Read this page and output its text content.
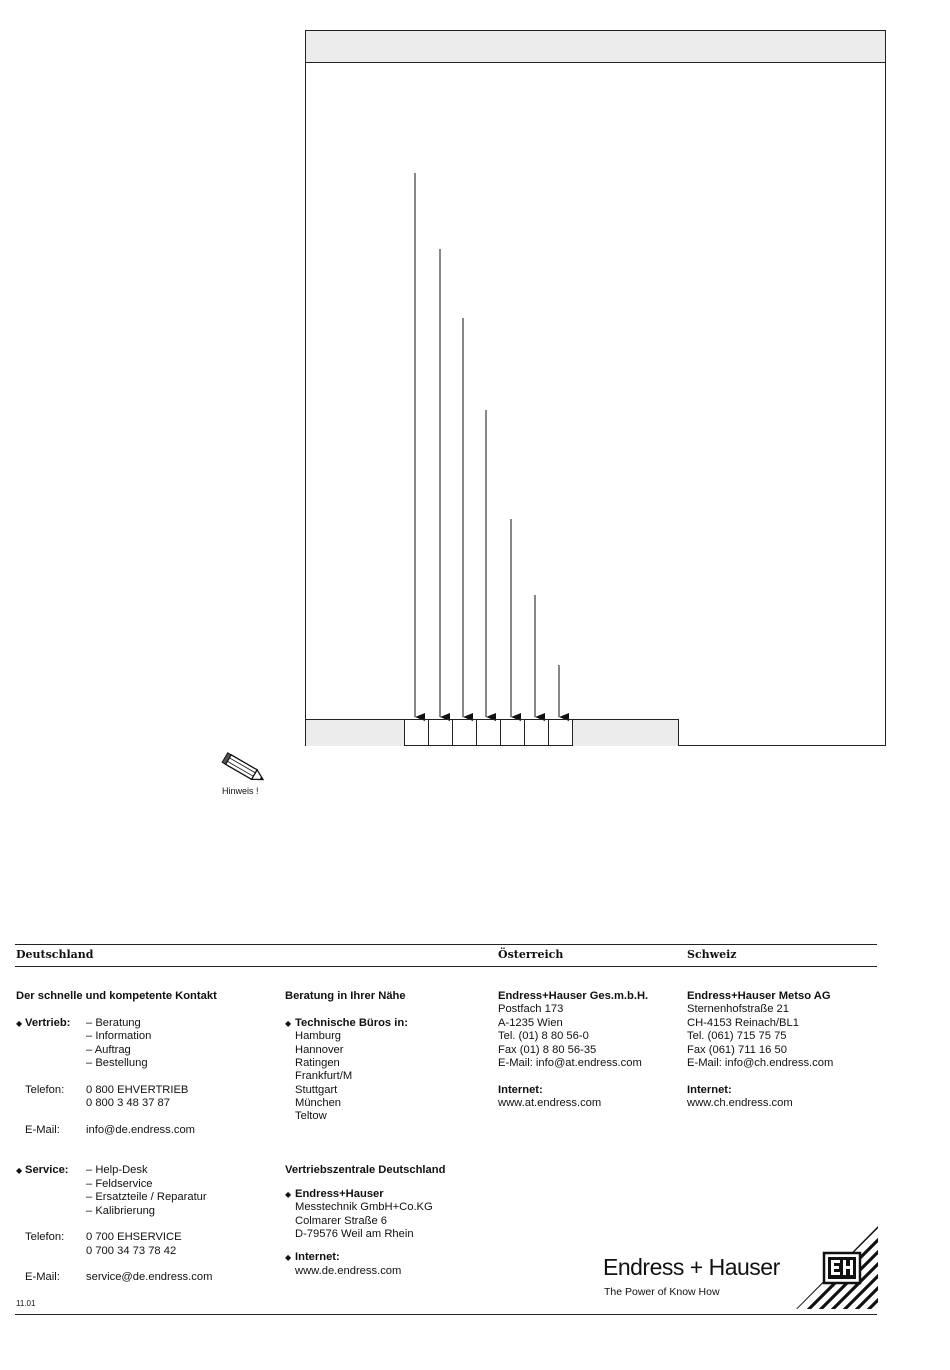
Hinweis !
Deutschland	Österreich	Schweiz
Der schnelle und kompetente Kontakt
◆ Vertrieb: – Beratung
– Information
– Auftrag
– Bestellung
Telefon: 0 800 EHVERTRIEB
0 800 3 48 37 87
E-Mail: info@de.endress.com
◆ Service: – Help-Desk
– Feldservice
– Ersatzteile / Reparatur
– Kalibrierung
Telefon: 0 700 EHSERVICE
0 700 34 73 78 42
E-Mail: service@de.endress.com
11.01
Beratung in Ihrer Nähe
◆ Technische Büros in:
Hamburg
Hannover
Ratingen
Frankfurt/M
Stuttgart
München
Teltow
Vertriebszentrale Deutschland
◆ Endress+Hauser
Messtechnik GmbH+Co.KG
Colmarer Straße 6
D-79576 Weil am Rhein
◆ Internet:
www.de.endress.com
Endress+Hauser Ges.m.b.H.
Postfach 173
A-1235 Wien
Tel. (01) 8 80 56-0
Fax (01) 8 80 56-35
E-Mail: info@at.endress.com
Internet:
www.at.endress.com
Endress+Hauser Metso AG
Sternenhofstraße 21
CH-4153 Reinach/BL1
Tel. (061) 715 75 75
Fax (061) 711 16 50
E-Mail: info@ch.endress.com
Internet:
www.ch.endress.com
Endress + Hauser
The Power of Know How
